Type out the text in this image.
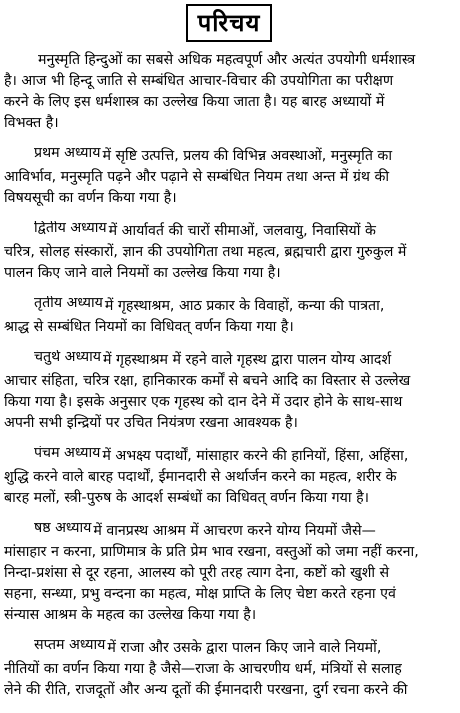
परिचय
मनुस्मृति हिन्दुओं का सबसे अधिक महत्वपूर्ण और अत्यंत उपयोगी धर्मशास्त्र
है। आज भी हिन्दू जाति से सम्बंधित आचार-विचार की उपयोगिता का परीक्षण
करने के लिए इस धर्मशास्त्र का उल्लेख किया जाता है। यह बारह अध्यायों में
विभक्त है।
प्रथम अध्याय में सृष्टि उत्पत्ति, प्रलय की विभिन्न अवस्थाओं, मनुस्मृति का
आविर्भाव, मनुस्मृति पढ़ने और पढ़ाने से सम्बंधित नियम तथा अन्त में ग्रंथ की
विषयसूची का वर्णन किया गया है।
द्वितीय अध्याय में आर्यावर्त की चारों सीमाओं, जलवायु, निवासियों के
चरित्र, सोलह संस्कारों, ज्ञान की उपयोगिता तथा महत्व, ब्रह्मचारी द्वारा गुरुकुल में
पालन किए जाने वाले नियमों का उल्लेख किया गया है।
तृतीय अध्याय में गृहस्थाश्रम, आठ प्रकार के विवाहों, कन्या की पात्रता,
श्राद्ध से सम्बंधित नियमों का विधिवत्‌ वर्णन किया गया है।
चतुर्थ अध्याय में गृहस्थाश्रम में रहने वाले गृहस्थ द्वारा पालन योग्य आदर्श
आचार संहिता, चरित्र रक्षा, हानिकारक कर्मों से बचने आदि का विस्तार से उल्लेख
किया गया है। इसके अनुसार एक गृहस्थ को दान देने में उदार होने के साथ-साथ
अपनी सभी इन्द्रियों पर उचित नियंत्रण रखना आवश्यक है।
पंचम अध्याय में अभक्ष्य पदार्थों, मांसाहार करने की हानियों, हिंसा, अहिंसा,
शुद्धि करने वाले बारह पदार्थों, ईमानदारी से अर्थार्जन करने का महत्व, शरीर के
बारह मलों, स्त्री-पुरुष के आदर्श सम्बंधों का विधिवत्‌ वर्णन किया गया है।
षष्ठ अध्याय में वानप्रस्थ आश्रम में आचरण करने योग्य नियमों जैसे—
मांसाहार न करना, प्राणिमात्र के प्रति प्रेम भाव रखना, वस्तुओं को जमा नहीं करना,
निन्दा-प्रशंसा से दूर रहना, आलस्य को पूरी तरह त्याग देना, कष्टों को खुशी से
सहना, सन्ध्या, प्रभु वन्दना का महत्व, मोक्ष प्राप्ति के लिए चेष्टा करते रहना एवं
संन्यास आश्रम के महत्व का उल्लेख किया गया है।
सप्तम अध्याय में राजा और उसके द्वारा पालन किए जाने वाले नियमों,
नीतियों का वर्णन किया गया है जैसे—राजा के आचरणीय धर्म, मंत्रियों से सलाह
लेने की रीति, राजदूतों और अन्य दूतों की ईमानदारी परखना, दुर्ग रचना करने की
